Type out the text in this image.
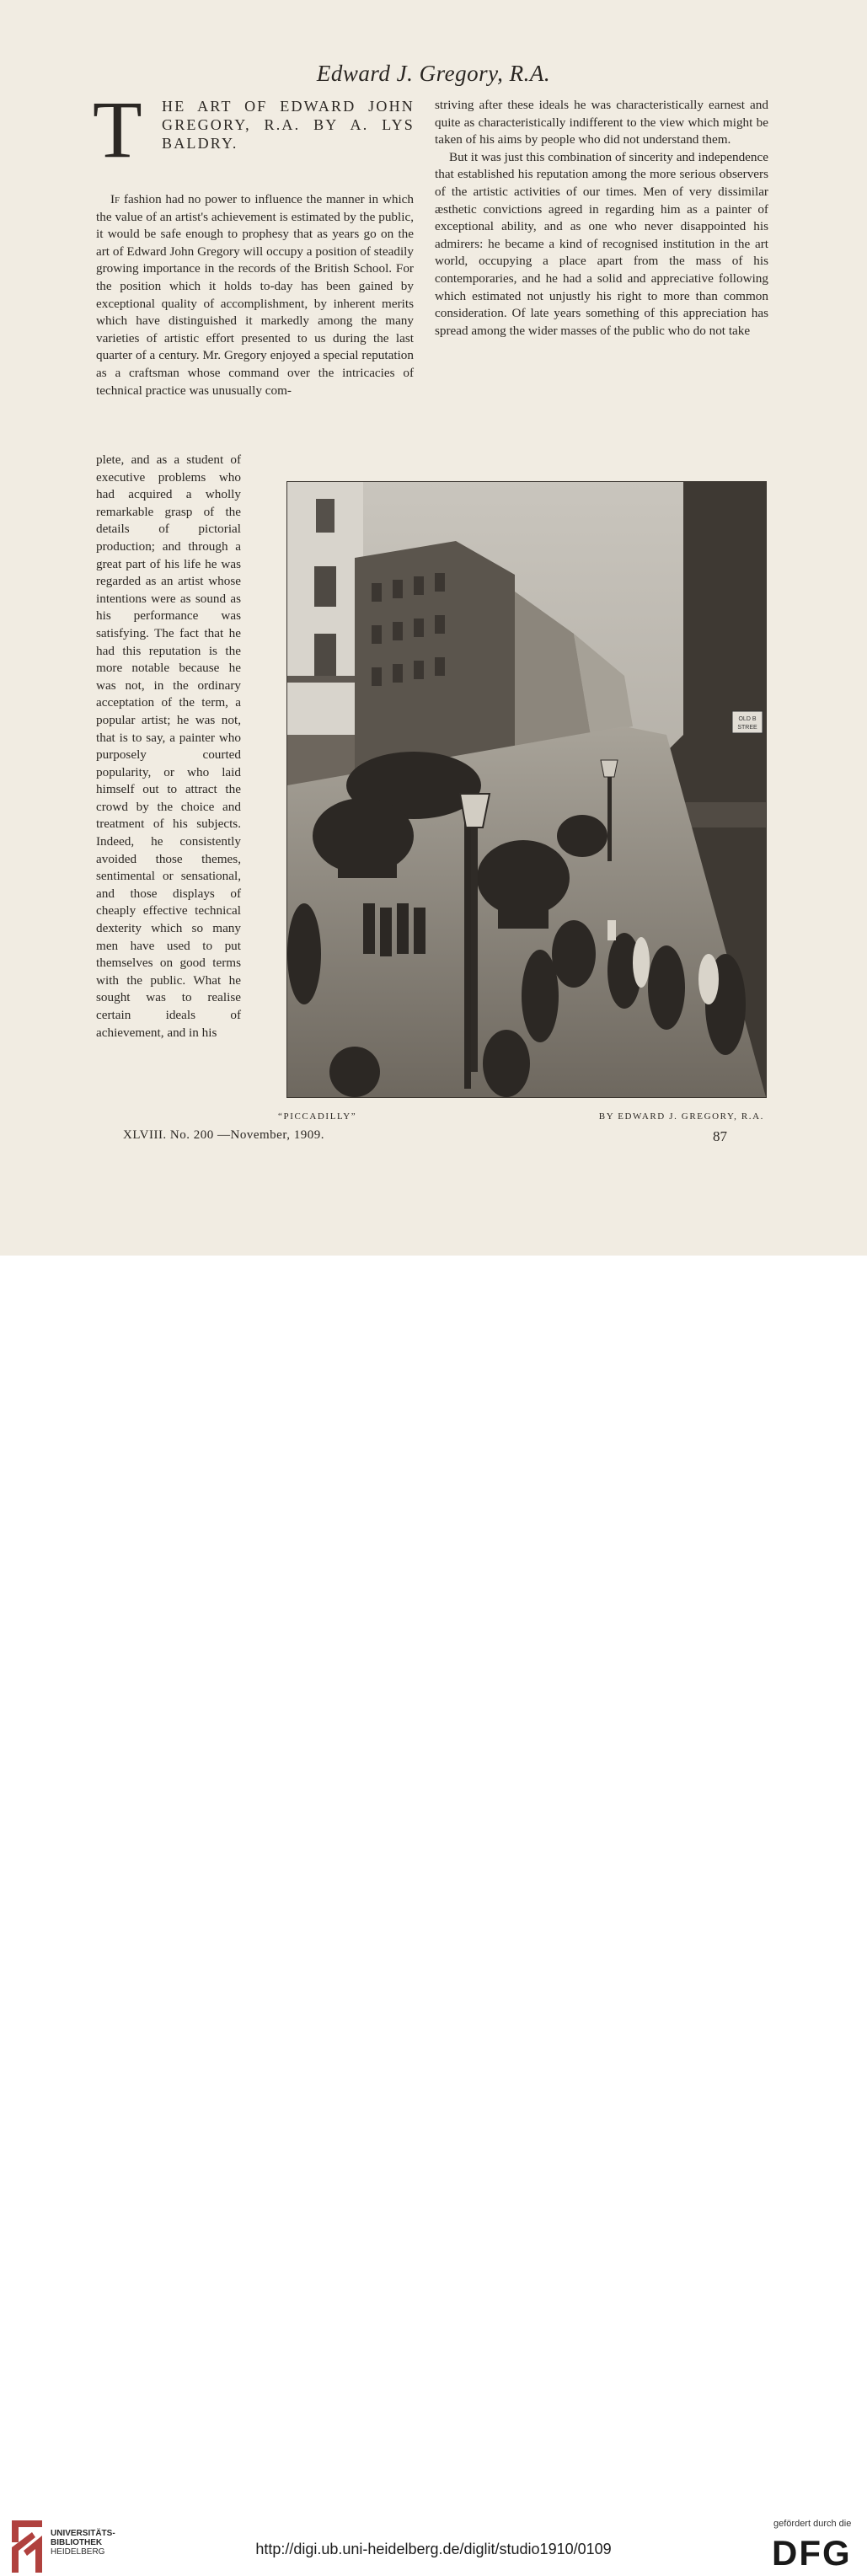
Edward J. Gregory, R.A.
T HE ART OF EDWARD JOHN GREGORY, R.A. BY A. LYS BALDRY.

If fashion had no power to influence the manner in which the value of an artist's achievement is estimated by the public, it would be safe enough to prophesy that as years go on the art of Edward John Gregory will occupy a position of steadily growing importance in the records of the British School. For the position which it holds to-day has been gained by exceptional quality of accomplishment, by inherent merits which have distinguished it markedly among the many varieties of artistic effort presented to us during the last quarter of a century. Mr. Gregory enjoyed a special reputation as a craftsman whose command over the intricacies of technical practice was unusually com-

plete, and as a student of executive problems who had acquired a wholly remarkable grasp of the details of pictorial production; and through a great part of his life he was regarded as an artist whose intentions were as sound as his performance was satisfying. The fact that he had this reputation is the more notable because he was not, in the ordinary acceptation of the term, a popular artist; he was not, that is to say, a painter who purposely courted popularity, or who laid himself out to attract the crowd by the choice and treatment of his subjects. Indeed, he consistently avoided those themes, sentimental or sensational, and those displays of cheaply effective technical dexterity which so many men have used to put themselves on good terms with the public. What he sought was to realise certain ideals of achievement, and in his

striving after these ideals he was characteristically earnest and quite as characteristically indifferent to the view which might be taken of his aims by people who did not understand them.

But it was just this combination of sincerity and independence that established his reputation among the more serious observers of the artistic activities of our times. Men of very dissimilar æsthetic convictions agreed in regarding him as a painter of exceptional ability, and as one who never disappointed his admirers: he became a kind of recognised institution in the art world, occupying a place apart from the mass of his contemporaries, and he had a solid and appreciative following which estimated not unjustly his right to more than common consideration. Of late years something of this appreciation has spread among the wider masses of the public who do not take

OLD B
STREE
“PICCADILLY”	BY EDWARD J. GREGORY, R.A.
XLVIII. No. 200 —November, 1909.	87
UNIVERSITÄTS-
BIBLIOTHEK
HEIDELBERG	http://digi.ub.uni-heidelberg.de/diglit/studio1910/0109
gefördert durch die
DFG
